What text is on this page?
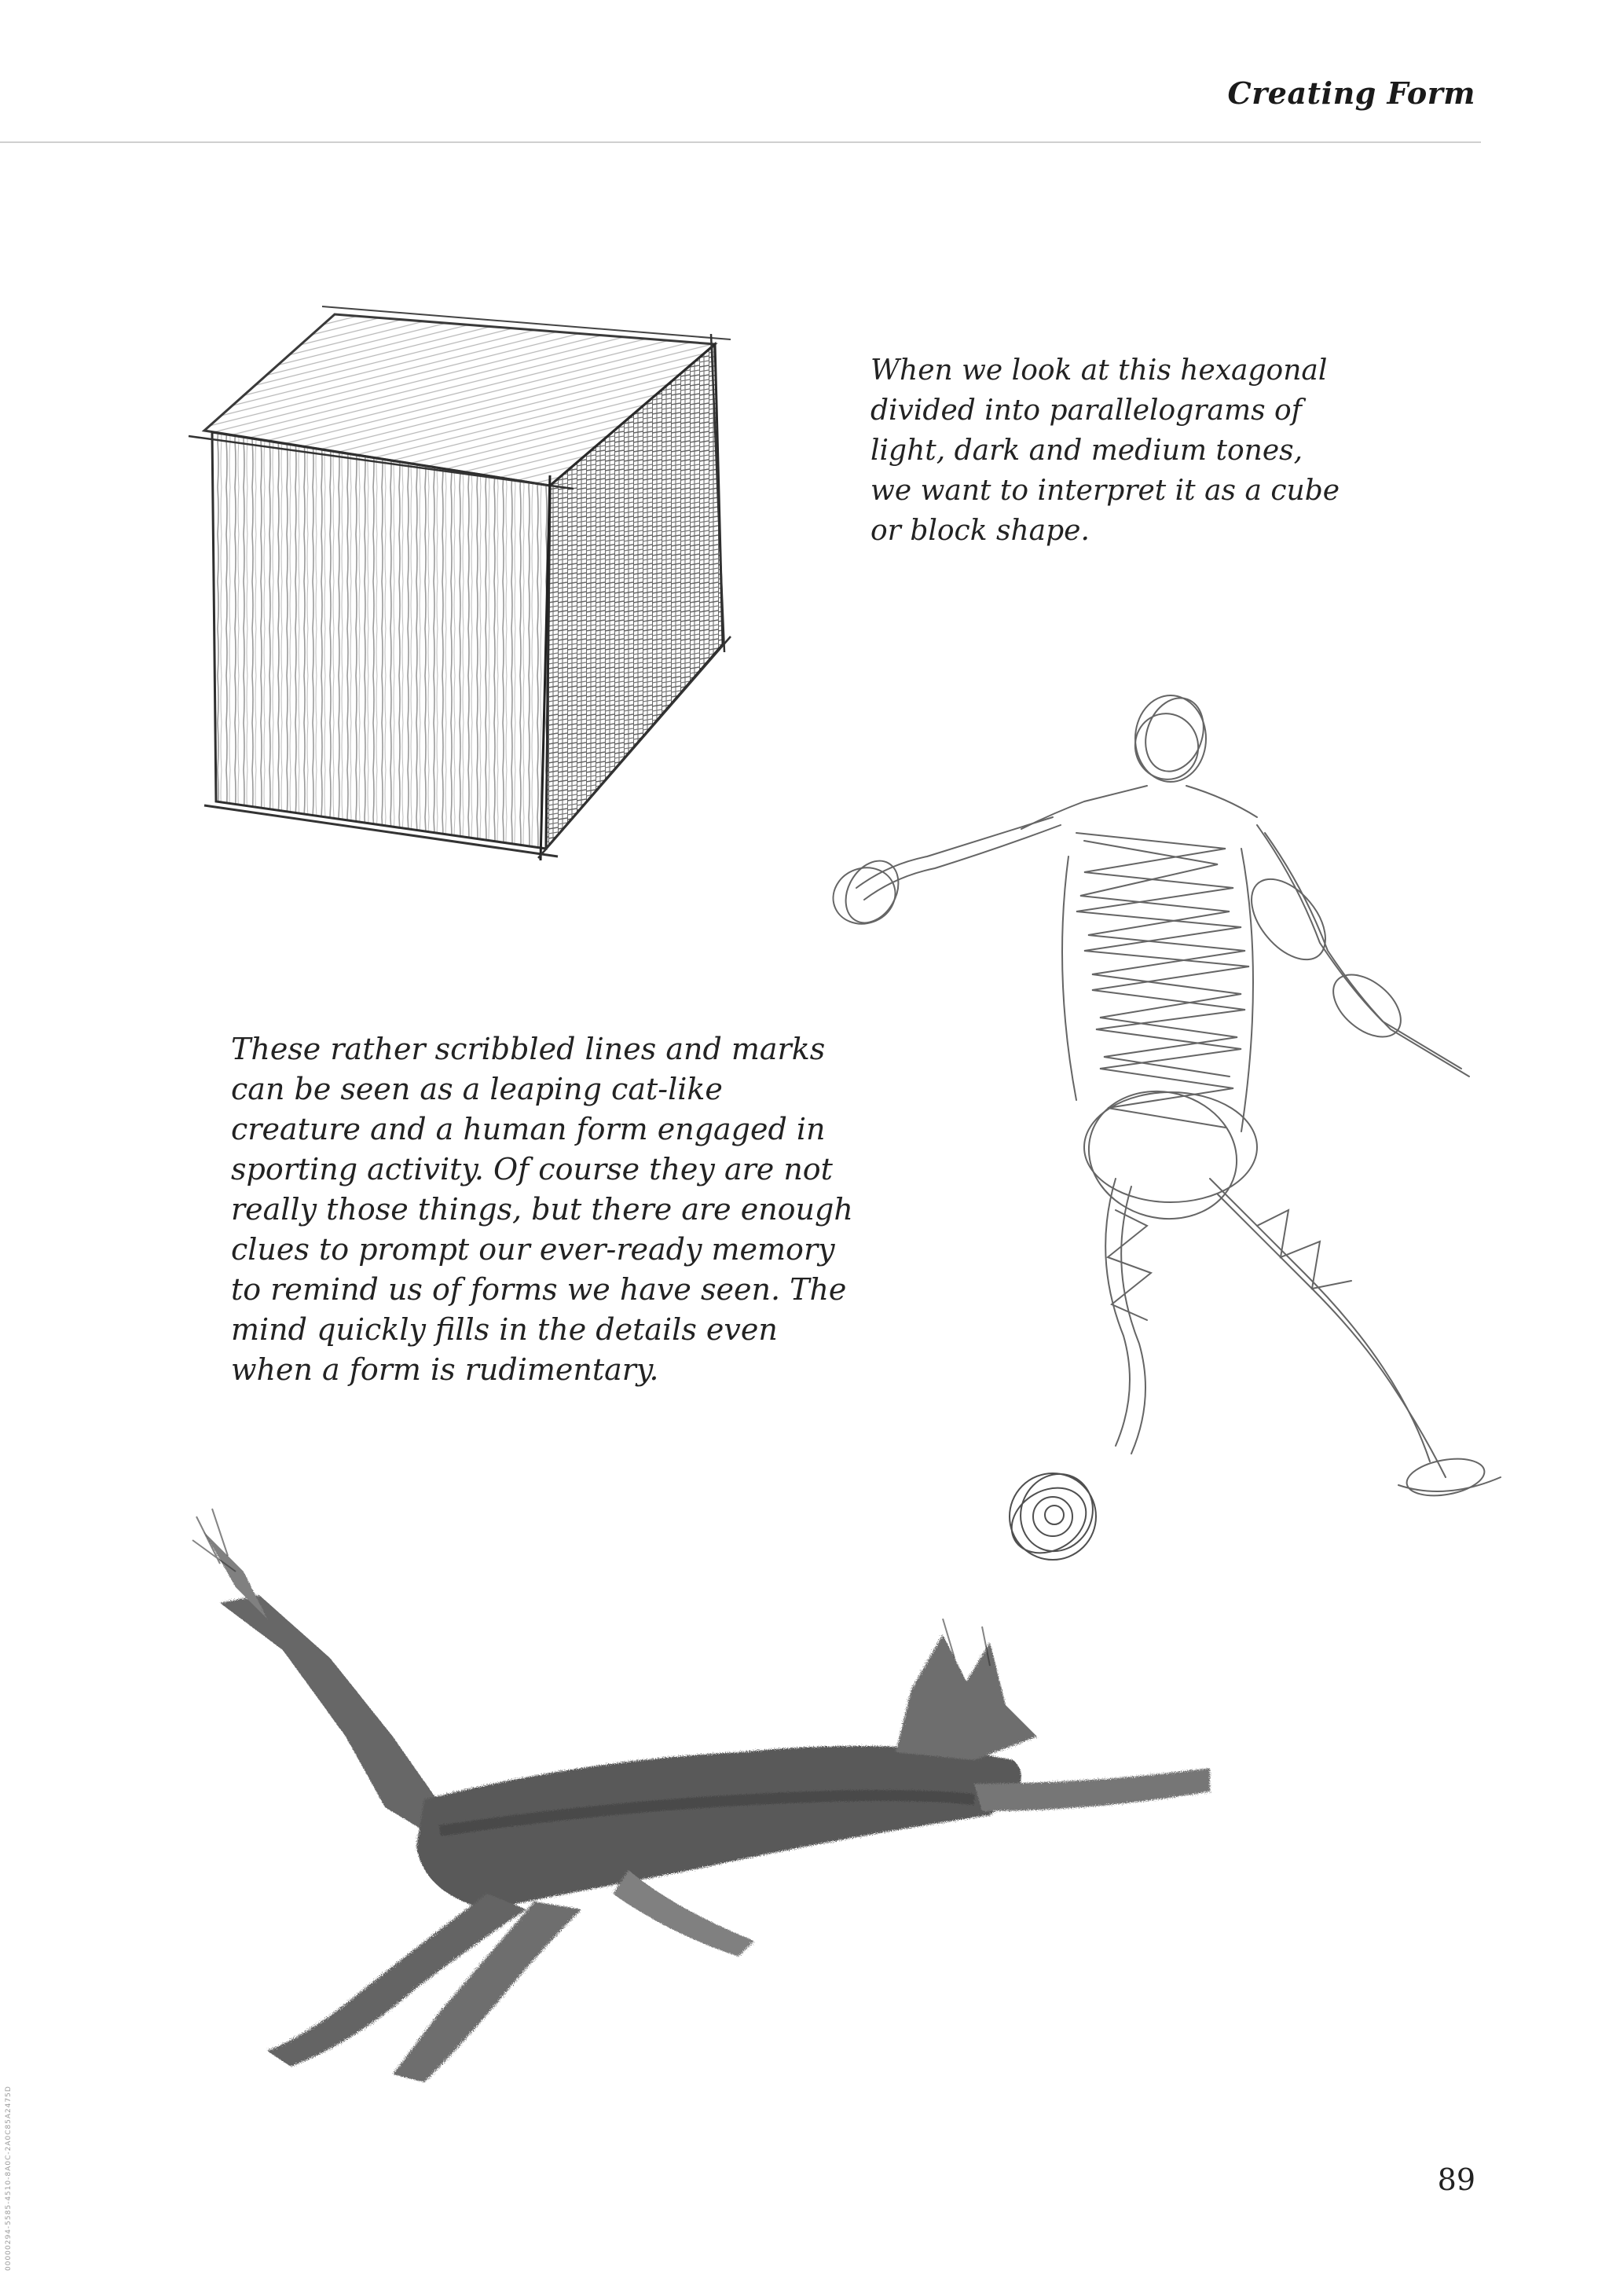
Creating Form
When we look at this hexagonal
divided into parallelograms of
light, dark and medium tones,
we want to interpret it as a cube
or block shape.
These rather scribbled lines and marks
can be seen as a leaping cat-like
creature and a human form engaged in
sporting activity. Of course they are not
really those things, but there are enough
clues to prompt our ever-ready memory
to remind us of forms we have seen. The
mind quickly fills in the details even
when a form is rudimentary.
89
00000294-5585-4510-8A0C-2A0C85A2475D
